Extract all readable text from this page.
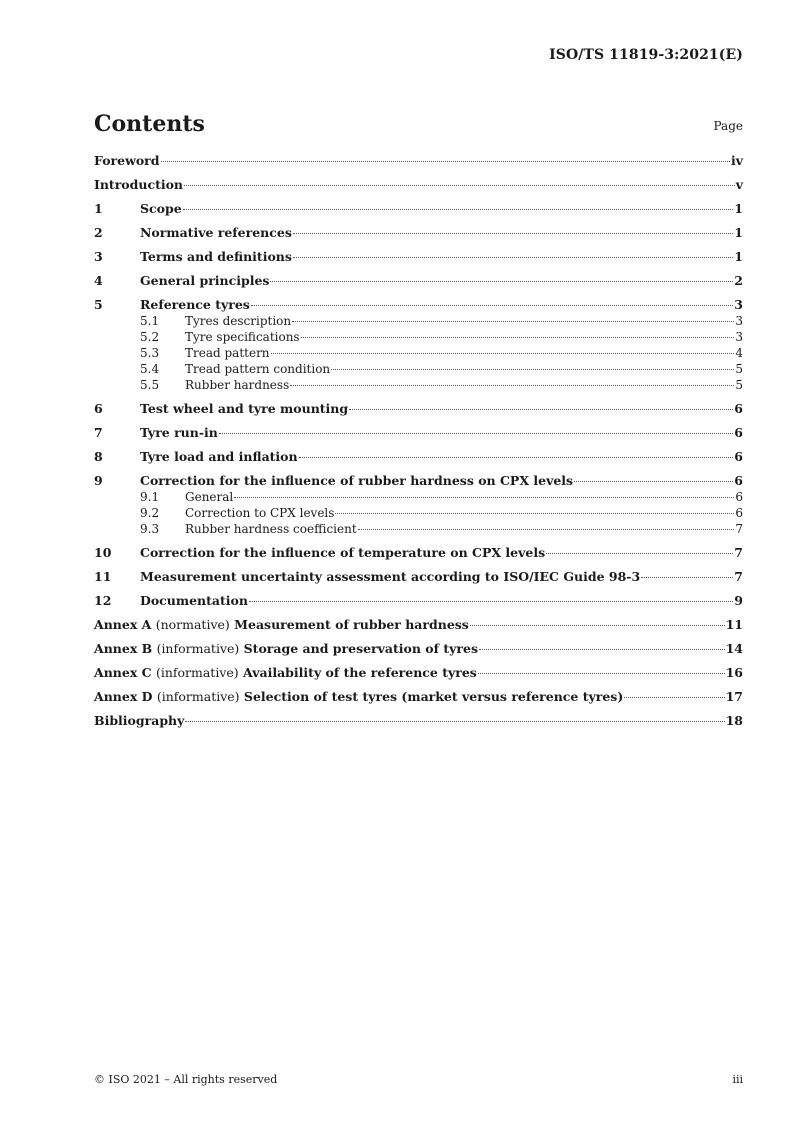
ISO/TS 11819-3:2021(E)
Contents	Page
Foreword	iv
Introduction	v
1	Scope	1
2	Normative references	1
3	Terms and definitions	1
4	General principles	2
5	Reference tyres	3
5.1	Tyres description	3
5.2	Tyre specifications	3
5.3	Tread pattern	4
5.4	Tread pattern condition	5
5.5	Rubber hardness	5
6	Test wheel and tyre mounting	6
7	Tyre run-in	6
8	Tyre load and inflation	6
9	Correction for the influence of rubber hardness on CPX levels	6
9.1	General	6
9.2	Correction to CPX levels	6
9.3	Rubber hardness coefficient	7
10	Correction for the influence of temperature on CPX levels	7
11	Measurement uncertainty assessment according to ISO/IEC Guide 98-3	7
12	Documentation	9
Annex A (normative) Measurement of rubber hardness	11
Annex B (informative) Storage and preservation of tyres	14
Annex C (informative) Availability of the reference tyres	16
Annex D (informative) Selection of test tyres (market versus reference tyres)	17
Bibliography	18
© ISO 2021 – All rights reserved	iii
